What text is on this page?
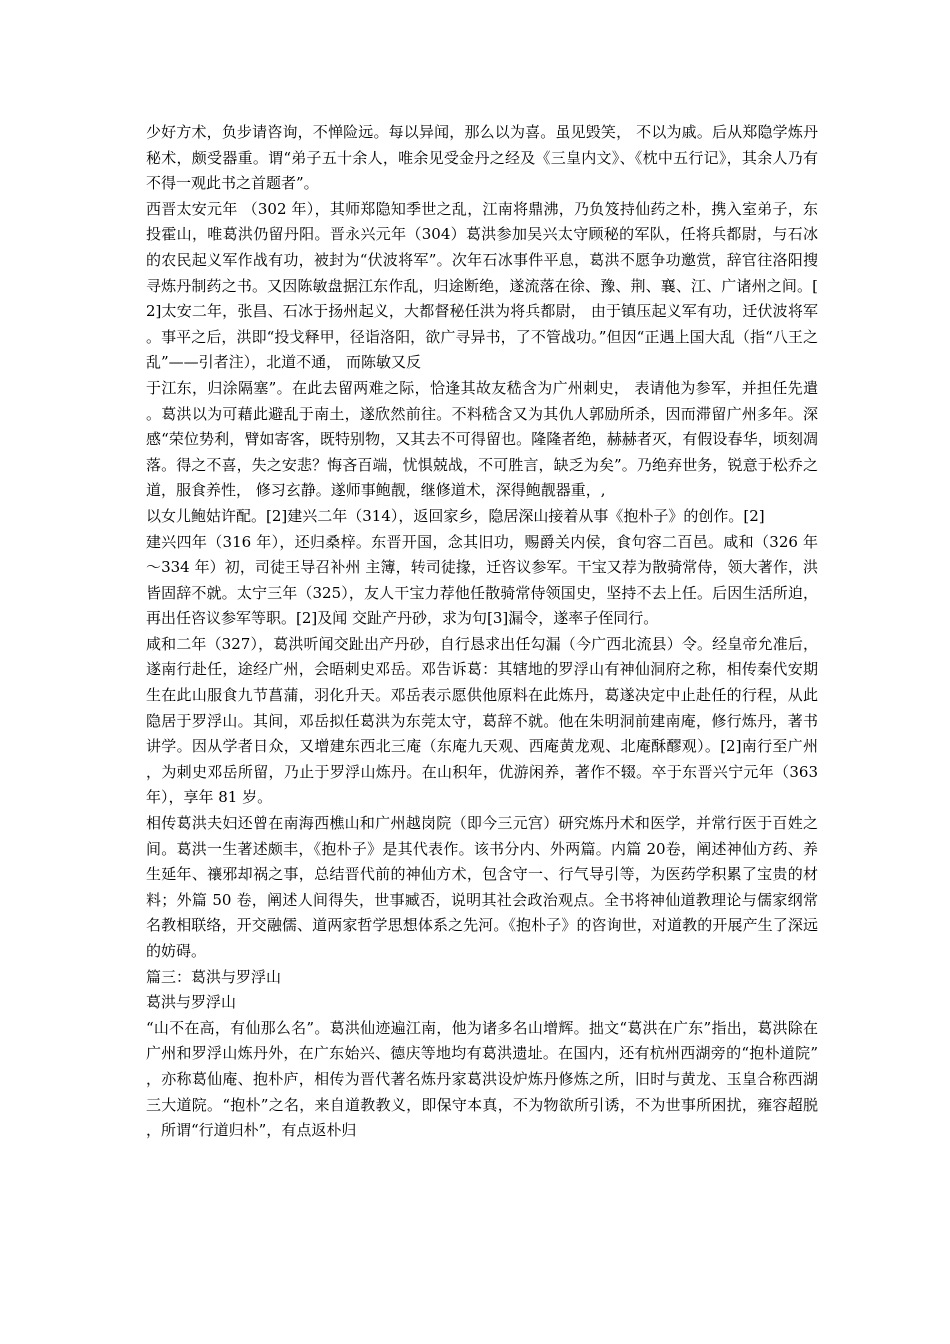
少好方术，负步请咨询，不惮险远。每以异闻，那么以为喜。虽见毁笑， 不以为戚。后从郑隐学炼丹秘术，颇受器重。谓“弟子五十余人，唯余见受金丹之经及《三皇内文》、《枕中五行记》，其余人乃有不得一观此书之首题者”。

西晋太安元年 （302 年），其师郑隐知季世之乱，江南将鼎沸，乃负笈持仙药之朴，携入室弟子，东投霍山，唯葛洪仍留丹阳。晋永兴元年（304）葛洪参加吴兴太守顾秘的军队，任将兵都尉，与石冰的农民起义军作战有功，被封为“伏波将军”。次年石冰事件平息，葛洪不愿争功邀赏，辞官往洛阳搜寻炼丹制药之书。又因陈敏盘据江东作乱，归途断绝，遂流落在徐、豫、荆、襄、江、广诸州之间。[2]太安二年，张昌、石冰于扬州起义，大都督秘任洪为将兵都尉， 由于镇压起义军有功，迁伏波将军。事平之后，洪即“投戈释甲，径诣洛阳，欲广寻异书，了不管战功。”但因“正遇上国大乱（指“八王之乱”——引者注），北道不通， 而陈敏又反

于江东，归涂隔塞”。在此去留两难之际，恰逢其故友嵇含为广州刺史， 表请他为参军，并担任先遣。葛洪以为可藉此避乱于南土，遂欣然前往。不料嵇含又为其仇人郭励所杀，因而滞留广州多年。深感“荣位势利，臂如寄客，既特别物，又其去不可得留也。隆隆者绝，赫赫者灭，有假设春华，顷刻凋落。得之不喜，失之安悲？悔吝百端，忧惧兢战，不可胜言，缺乏为矣”。乃绝弃世务，锐意于松乔之道，服食养性， 修习玄静。遂师事鲍靓，继修道术，深得鲍靓器重，,

以女儿鲍姑许配。[2]建兴二年（314），返回家乡，隐居深山接着从事《抱朴子》的创作。[2]

建兴四年（316 年），还归桑梓。东晋开国，念其旧功，赐爵关内侯，食句容二百邑。咸和（326 年～334 年）初，司徒王导召补州 主簿，转司徒掾，迁咨议参军。干宝又荐为散骑常侍，领大著作，洪皆固辞不就。太宁三年（325），友人干宝力荐他任散骑常侍领国史，坚持不去上任。后因生活所迫，再出任咨议参军等职。[2]及闻 交趾产丹砂，求为句[3]漏令，遂率子侄同行。

咸和二年（327），葛洪听闻交趾出产丹砂，自行恳求出任勾漏（今广西北流县）令。经皇帝允准后，遂南行赴任，途经广州，会晤刺史邓岳。邓告诉葛：其辖地的罗浮山有神仙洞府之称，相传秦代安期生在此山服食九节菖蒲，羽化升天。邓岳表示愿供他原料在此炼丹，葛遂决定中止赴任的行程，从此隐居于罗浮山。其间，邓岳拟任葛洪为东莞太守，葛辞不就。他在朱明洞前建南庵，修行炼丹，著书讲学。因从学者日众，又增建东西北三庵（东庵九天观、西庵黄龙观、北庵酥醪观）。[2]南行至广州，为刺史邓岳所留，乃止于罗浮山炼丹。在山积年，优游闲养，著作不辍。卒于东晋兴宁元年（363 年），享年 81 岁。

相传葛洪夫妇还曾在南海西樵山和广州越岗院（即今三元宫）研究炼丹术和医学，并常行医于百姓之间。葛洪一生著述颇丰，《抱朴子》是其代表作。该书分内、外两篇。内篇 20卷，阐述神仙方药、养生延年、禳邪却祸之事，总结晋代前的神仙方术，包含守一、行气导引等，为医药学积累了宝贵的材料；外篇 50 卷，阐述人间得失，世事臧否，说明其社会政治观点。全书将神仙道教理论与儒家纲常名教相联络，开交融儒、道两家哲学思想体系之先河。《抱朴子》的咨询世，对道教的开展产生了深远的妨碍。

篇三：葛洪与罗浮山

葛洪与罗浮山

“山不在高，有仙那么名”。葛洪仙迹遍江南，他为诸多名山增辉。拙文“葛洪在广东”指出，葛洪除在广州和罗浮山炼丹外，在广东始兴、德庆等地均有葛洪遗址。在国内，还有杭州西湖旁的“抱朴道院”，亦称葛仙庵、抱朴庐，相传为晋代著名炼丹家葛洪设炉炼丹修炼之所，旧时与黄龙、玉皇合称西湖三大道院。“抱朴”之名，来自道教教义，即保守本真，不为物欲所引诱，不为世事所困扰，雍容超脱，所谓“行道归朴”，有点返朴归
